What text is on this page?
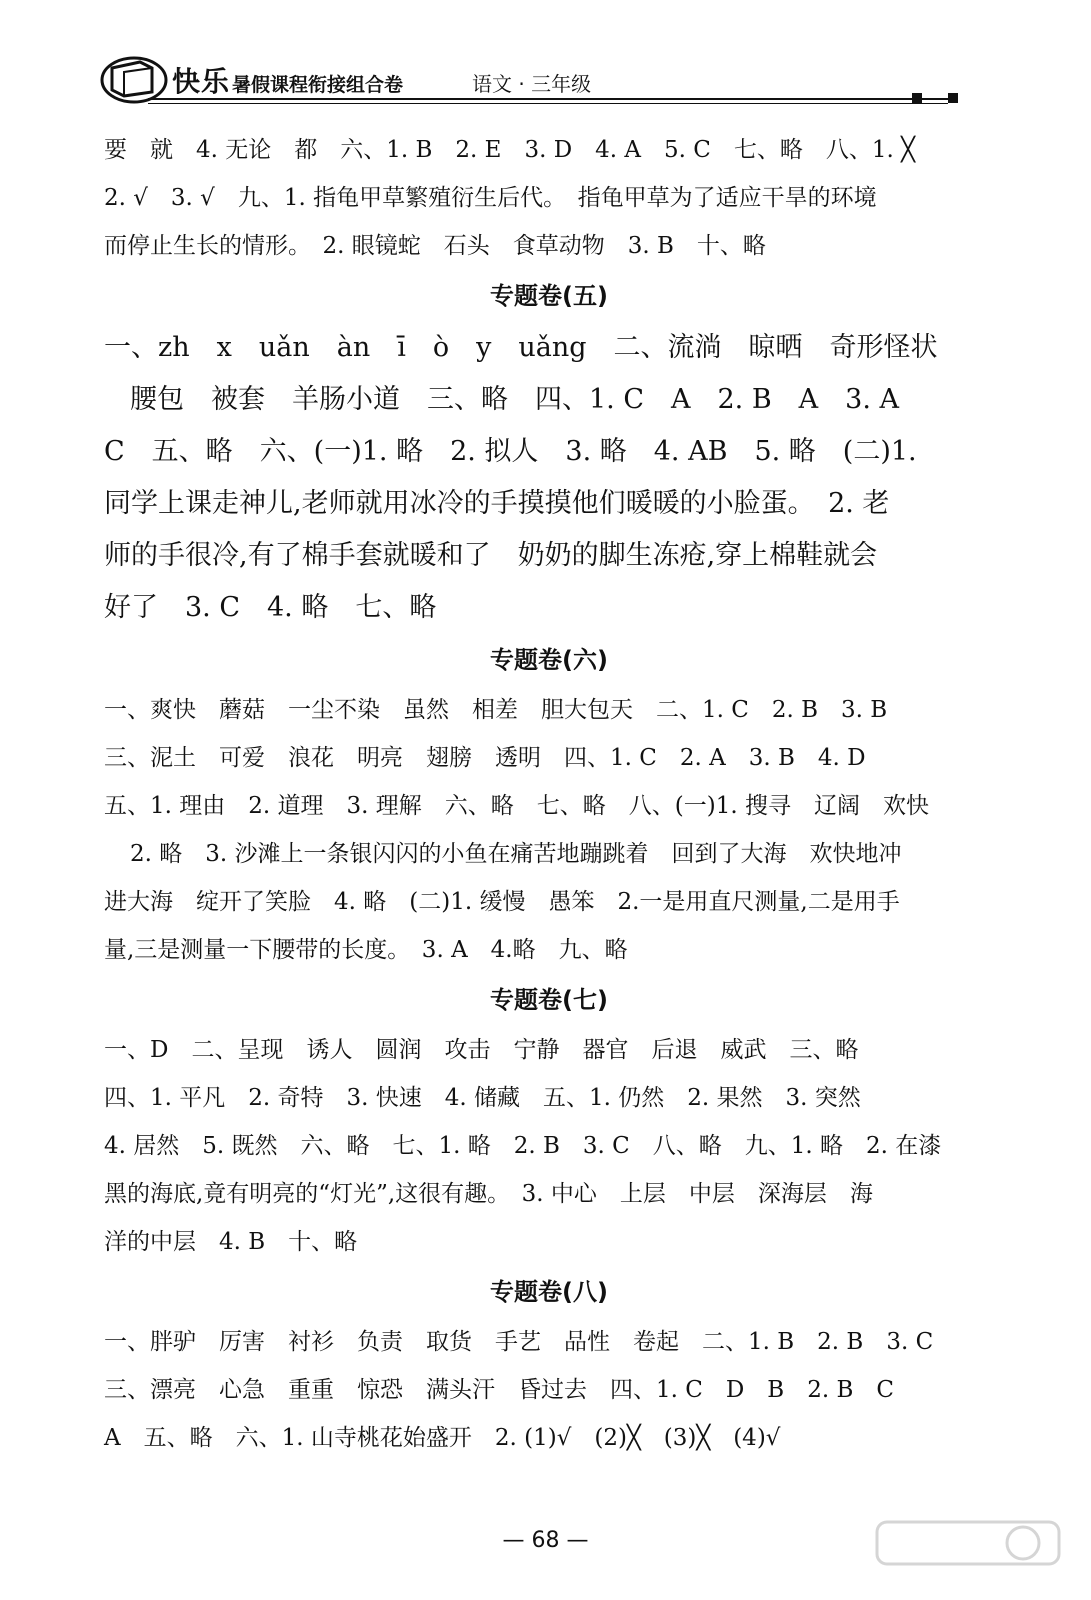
快乐 暑假课程衔接组合卷	语文 · 三年级
要　就　4. 无论　都　六、1. B　2. E　3. D　4. A　5. C　七、略　八、1. ╳
2. √　3. √　九、1. 指龟甲草繁殖衍生后代。　指龟甲草为了适应干旱的环境
而停止生长的情形。　2. 眼镜蛇　石头　食草动物　3. B　十、略
专题卷(五)
一、zh　x　uǎn　àn　ī　ò　y　uǎng　二、流淌　晾晒　奇形怪状
腰包　被套　羊肠小道　三、略　四、1. C　A　2. B　A　3. A
C　五、略　六、(一)1. 略　2. 拟人　3. 略　4. AB　5. 略　(二)1.
同学上课走神儿,老师就用冰冷的手摸摸他们暖暖的小脸蛋。　2. 老
师的手很冷,有了棉手套就暖和了　奶奶的脚生冻疮,穿上棉鞋就会
好了　3. C　4. 略　七、略
专题卷(六)
一、爽快　蘑菇　一尘不染　虽然　相差　胆大包天　二、1. C　2. B　3. B
三、泥土　可爱　浪花　明亮　翅膀　透明　四、1. C　2. A　3. B　4. D
五、1. 理由　2. 道理　3. 理解　六、略　七、略　八、(一)1. 搜寻　辽阔　欢快
2. 略　3. 沙滩上一条银闪闪的小鱼在痛苦地蹦跳着　回到了大海　欢快地冲
进大海　绽开了笑脸　4. 略　(二)1. 缓慢　愚笨　2.一是用直尺测量,二是用手
量,三是测量一下腰带的长度。　3. A　4.略　九、略
专题卷(七)
一、D　二、呈现　诱人　圆润　攻击　宁静　器官　后退　威武　三、略
四、1. 平凡　2. 奇特　3. 快速　4. 储藏　五、1. 仍然　2. 果然　3. 突然
4. 居然　5. 既然　六、略　七、1. 略　2. B　3. C　八、略　九、1. 略　2. 在漆
黑的海底,竟有明亮的“灯光”,这很有趣。　3. 中心　上层　中层　深海层　海
洋的中层　4. B　十、略
专题卷(八)
一、胖驴　厉害　衬衫　负责　取货　手艺　品性　卷起　二、1. B　2. B　3. C
三、漂亮　心急　重重　惊恐　满头汗　昏过去　四、1. C　D　B　2. B　C
A　五、略　六、1. 山寺桃花始盛开　2. (1)√　(2)╳　(3)╳　(4)√
— 68 —
